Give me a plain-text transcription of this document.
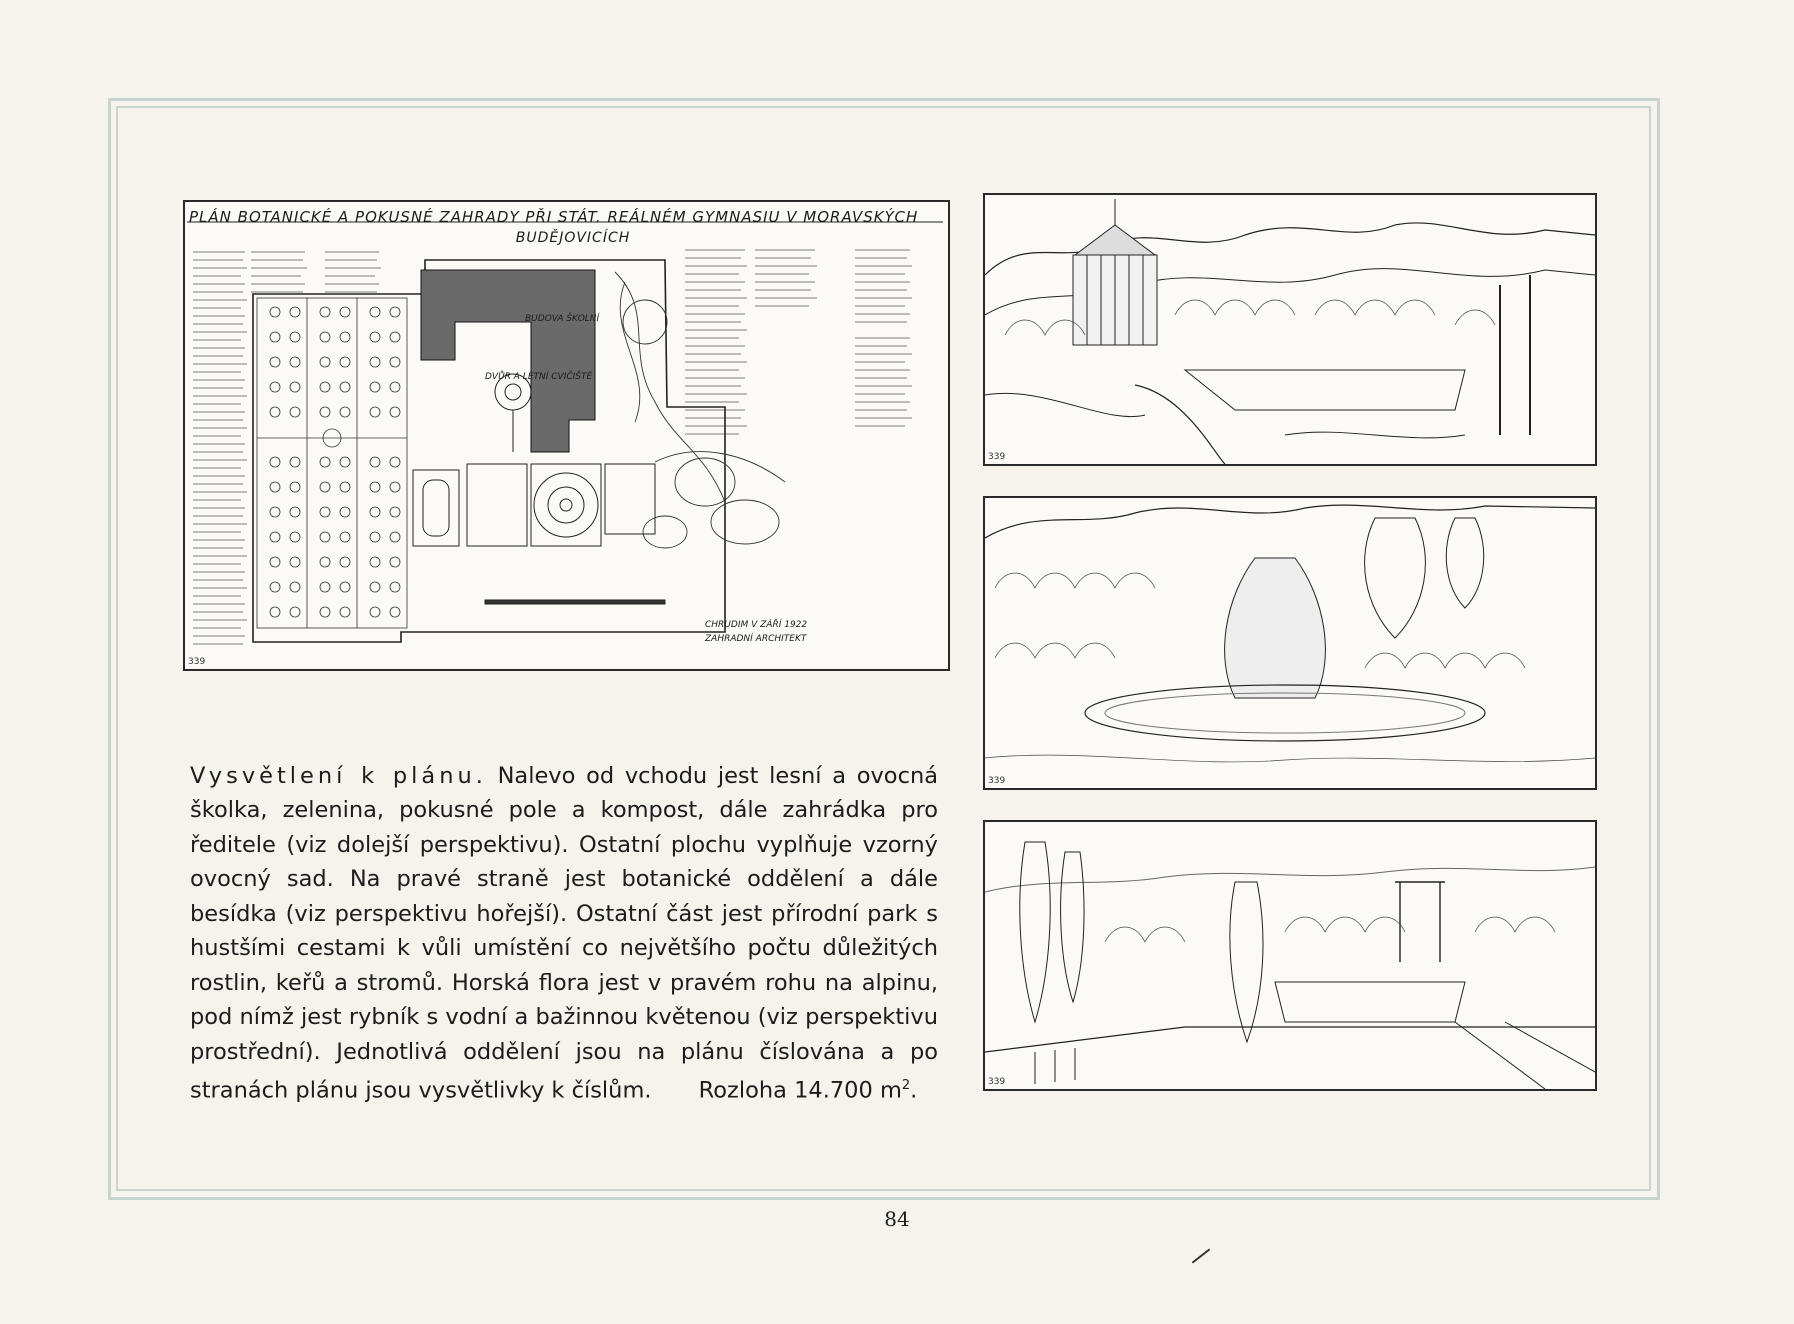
PLÁN BOTANICKÉ A POKUSNÉ ZAHRADY PŘI STÁT. REÁLNÉM GYMNASIU V MORAVSKÝCH
BUDĚJOVICÍCH
BUDOVA ŠKOLNÍ
DVŮR A LETNÍ CVIČIŠTĚ
CHRUDIM V ZÁŘÍ 1922
ZAHRADNÍ ARCHITEKT
339
339
339
339

Vysvětlení k plánu. Nalevo od vchodu jest lesní a ovocná školka, zelenina, pokusné pole a kompost, dále zahrádka pro ředitele (viz dolejší perspektivu). Ostatní plochu vyplňuje vzorný ovocný sad. Na pravé straně jest botanické oddělení a dále besídka (viz perspektivu hořejší). Ostatní část jest přírodní park s hustšími cestami k vůli umístění co největšího počtu důležitých rostlin, keřů a stromů. Horská flora jest v pravém rohu na alpinu, pod nímž jest rybník s vodní a bažinnou květenou (viz perspektivu prostřední). Jednotlivá oddělení jsou na plánu číslována a po stranách plánu jsou vysvětlivky k číslům. Rozloha 14.700 $m^2$.

84
